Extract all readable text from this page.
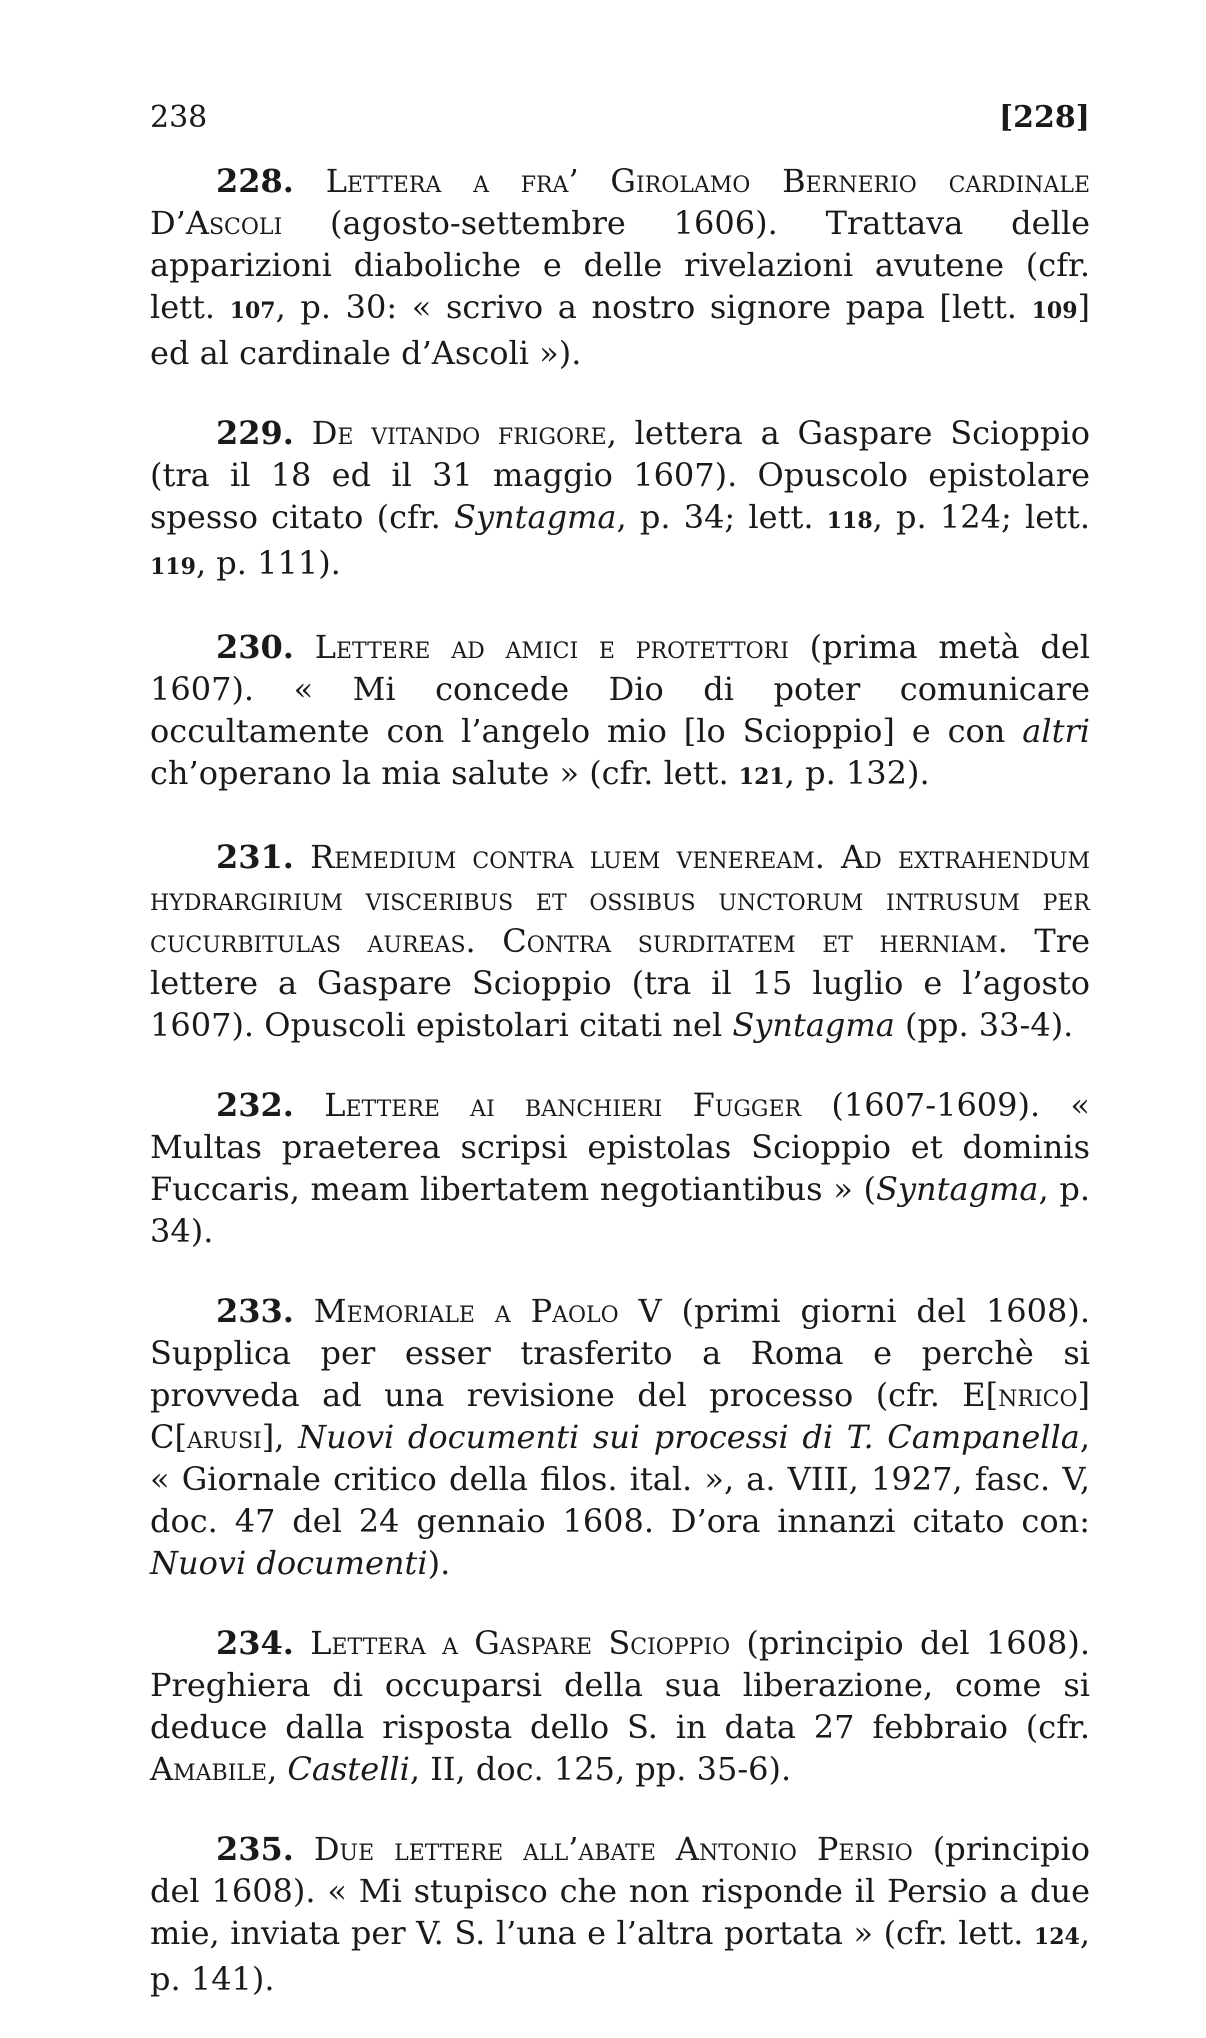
238	[228]

228. Lettera a fra’ Girolamo Bernerio cardinale D’Ascoli (agosto-settembre 1606). Trattava delle apparizioni diaboliche e delle rivelazioni avutene (cfr. lett. 107, p. 30: « scrivo a nostro signore papa [lett. 109] ed al cardinale d’Ascoli »).

229. De vitando frigore, lettera a Gaspare Scioppio (tra il 18 ed il 31 maggio 1607). Opuscolo epistolare spesso citato (cfr. Syntagma, p. 34; lett. 118, p. 124; lett. 119, p. 111).

230. Lettere ad amici e protettori (prima metà del 1607). « Mi concede Dio di poter comunicare occultamente con l’angelo mio [lo Scioppio] e con altri ch’operano la mia salute » (cfr. lett. 121, p. 132).

231. Remedium contra luem veneream. Ad extrahendum hydrargirium visceribus et ossibus unctorum intrusum per cucurbitulas aureas. Contra surditatem et herniam. Tre lettere a Gaspare Scioppio (tra il 15 luglio e l’agosto 1607). Opuscoli epistolari citati nel Syntagma (pp. 33-4).

232. Lettere ai banchieri Fugger (1607-1609). « Multas praeterea scripsi epistolas Scioppio et dominis Fuccaris, meam libertatem negotiantibus » (Syntagma, p. 34).

233. Memoriale a Paolo V (primi giorni del 1608). Supplica per esser trasferito a Roma e perchè si provveda ad una revisione del processo (cfr. E[nrico] C[arusi], Nuovi documenti sui processi di T. Campanella, « Giornale critico della filos. ital. », a. VIII, 1927, fasc. V, doc. 47 del 24 gennaio 1608. D’ora innanzi citato con: Nuovi documenti).

234. Lettera a Gaspare Scioppio (principio del 1608). Preghiera di occuparsi della sua liberazione, come si deduce dalla risposta dello S. in data 27 febbraio (cfr. Amabile, Castelli, II, doc. 125, pp. 35-6).

235. Due lettere all’abate Antonio Persio (principio del 1608). « Mi stupisco che non risponde il Persio a due mie, inviata per V. S. l’una e l’altra portata » (cfr. lett. 124, p. 141).
